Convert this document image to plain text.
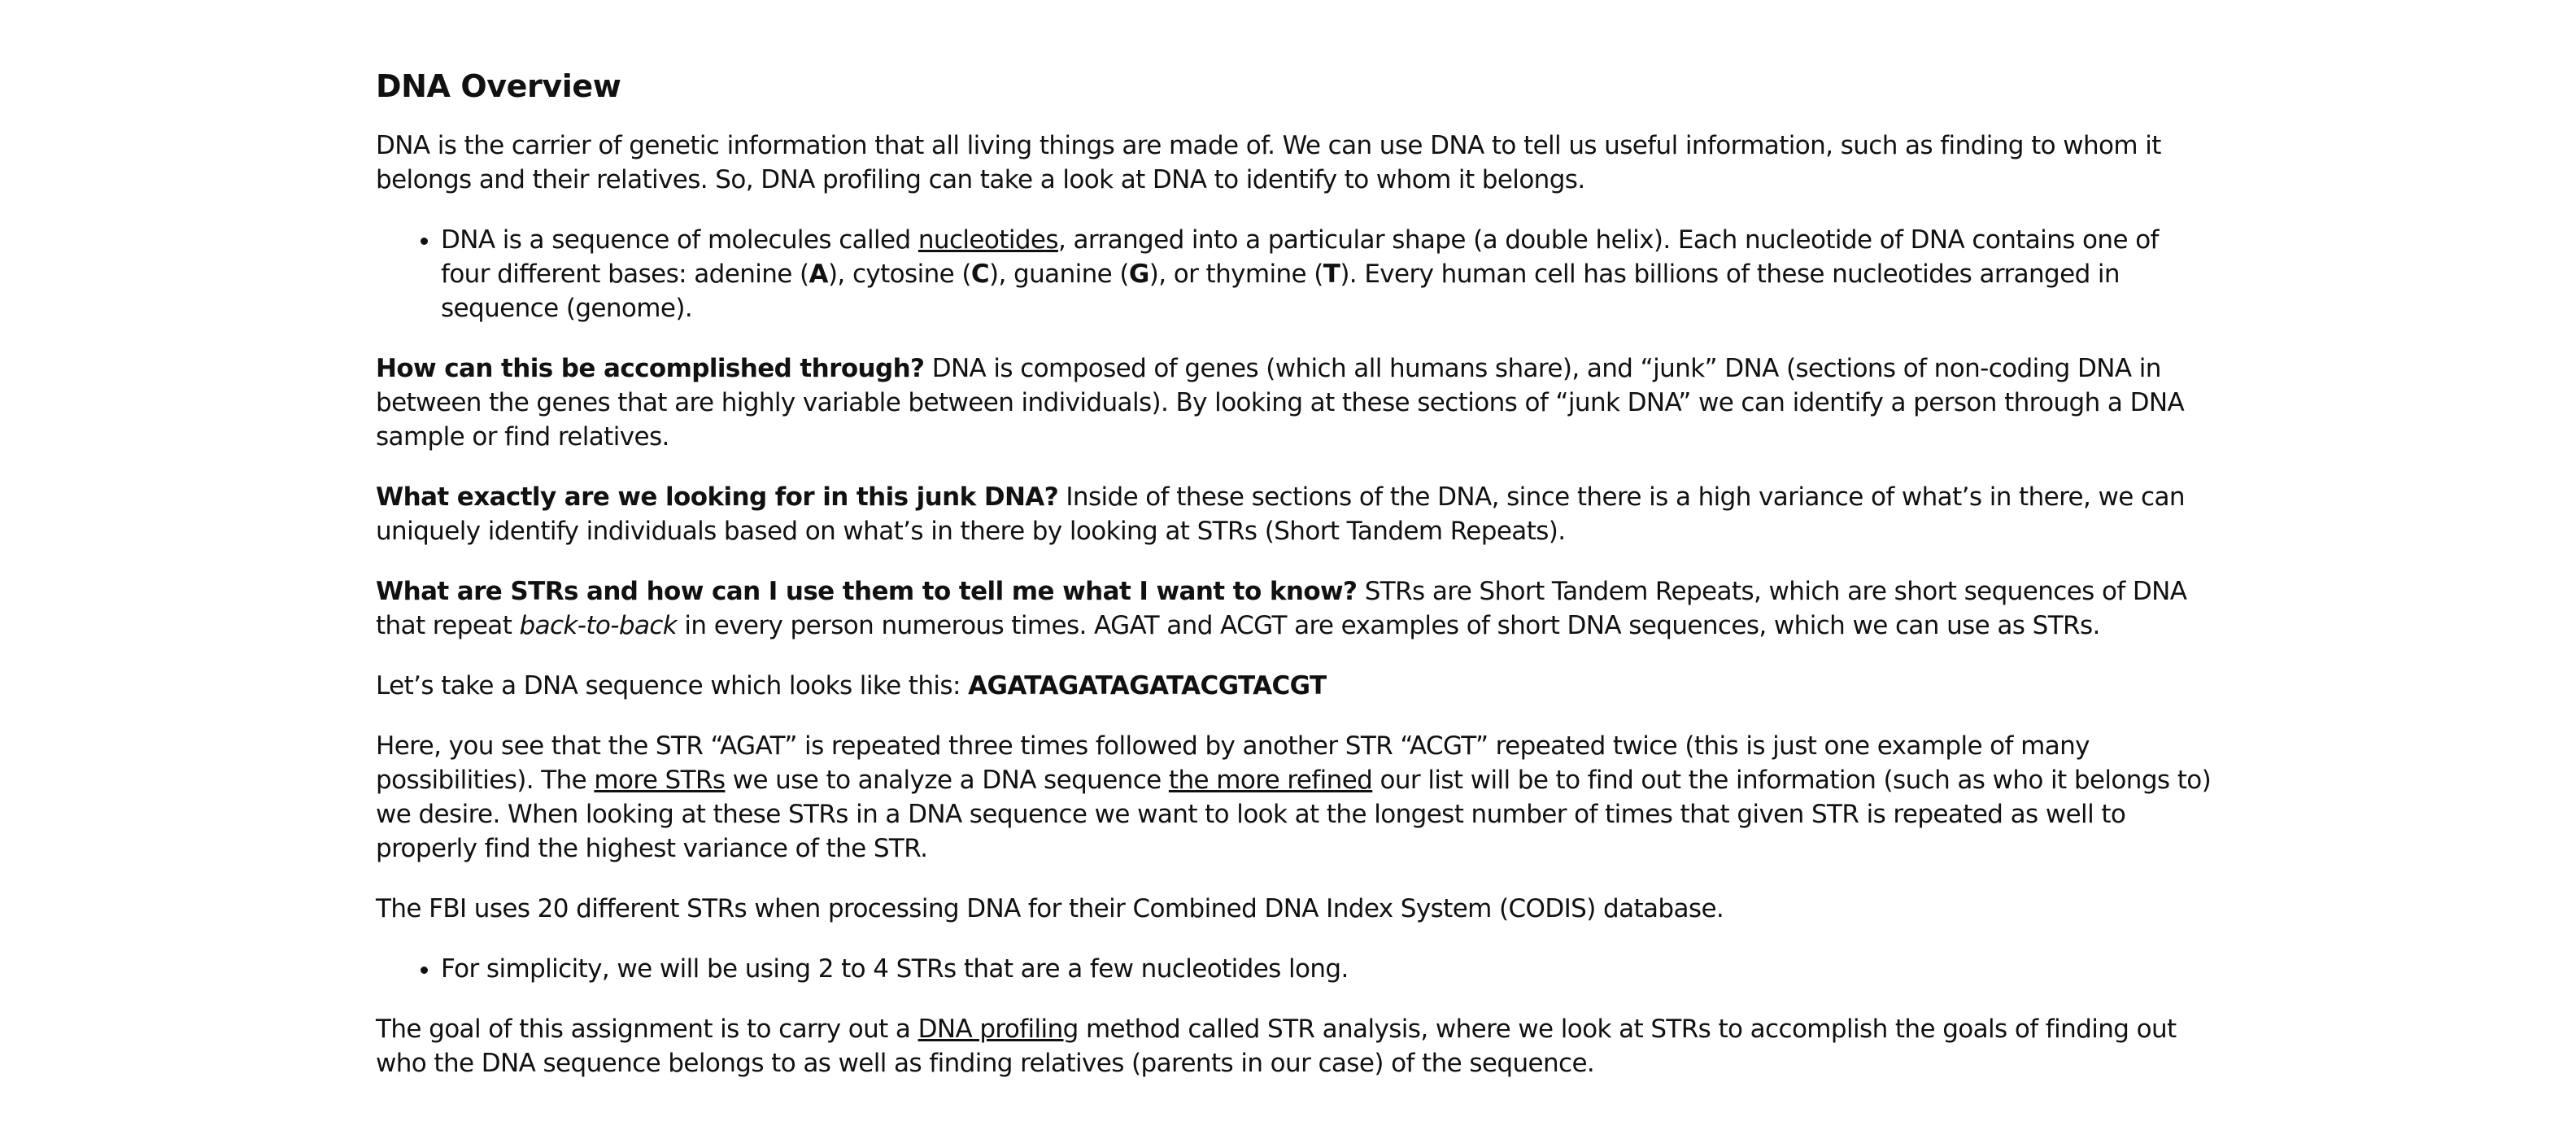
DNA Overview

DNA is the carrier of genetic information that all living things are made of. We can use DNA to tell us useful information, such as finding to whom it belongs and their relatives. So, DNA profiling can take a look at DNA to identify to whom it belongs.

• DNA is a sequence of molecules called nucleotides, arranged into a particular shape (a double helix). Each nucleotide of DNA contains one of four different bases: adenine (A), cytosine (C), guanine (G), or thymine (T). Every human cell has billions of these nucleotides arranged in sequence (genome).

How can this be accomplished through? DNA is composed of genes (which all humans share), and “junk” DNA (sections of non-coding DNA in between the genes that are highly variable between individuals). By looking at these sections of “junk DNA” we can identify a person through a DNA sample or find relatives.

What exactly are we looking for in this junk DNA? Inside of these sections of the DNA, since there is a high variance of what’s in there, we can uniquely identify individuals based on what’s in there by looking at STRs (Short Tandem Repeats).

What are STRs and how can I use them to tell me what I want to know? STRs are Short Tandem Repeats, which are short sequences of DNA that repeat back-to-back in every person numerous times. AGAT and ACGT are examples of short DNA sequences, which we can use as STRs.

Let’s take a DNA sequence which looks like this: AGATAGATAGATACGTACGT

Here, you see that the STR “AGAT” is repeated three times followed by another STR “ACGT” repeated twice (this is just one example of many possibilities). The more STRs we use to analyze a DNA sequence the more refined our list will be to find out the information (such as who it belongs to) we desire. When looking at these STRs in a DNA sequence we want to look at the longest number of times that given STR is repeated as well to properly find the highest variance of the STR.

The FBI uses 20 different STRs when processing DNA for their Combined DNA Index System (CODIS) database.

• For simplicity, we will be using 2 to 4 STRs that are a few nucleotides long.

The goal of this assignment is to carry out a DNA profiling method called STR analysis, where we look at STRs to accomplish the goals of finding out who the DNA sequence belongs to as well as finding relatives (parents in our case) of the sequence.
